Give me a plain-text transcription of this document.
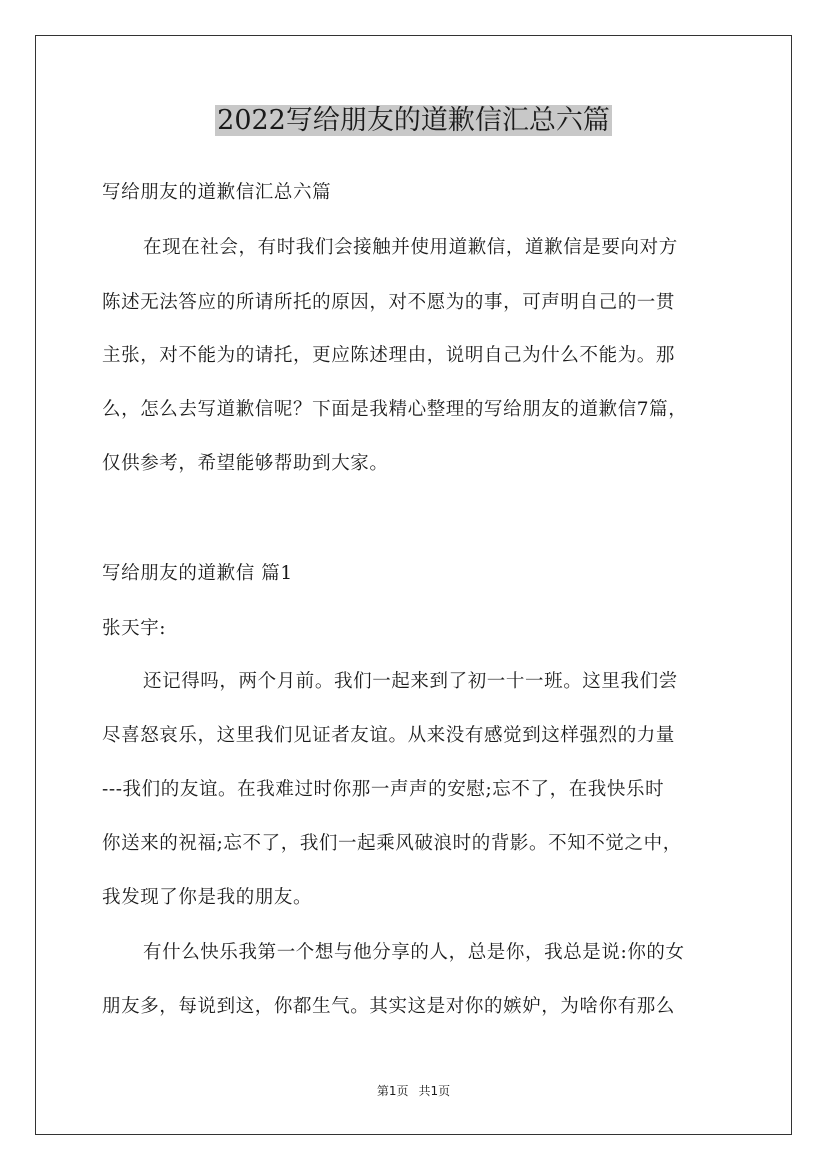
2022写给朋友的道歉信汇总六篇
写给朋友的道歉信汇总六篇
在现在社会，有时我们会接触并使用道歉信，道歉信是要向对方
陈述无法答应的所请所托的原因，对不愿为的事，可声明自己的一贯
主张，对不能为的请托，更应陈述理由，说明自己为什么不能为。那
么，怎么去写道歉信呢？下面是我精心整理的写给朋友的道歉信7篇，
仅供参考，希望能够帮助到大家。
写给朋友的道歉信 篇1
张天宇:
还记得吗，两个月前。我们一起来到了初一十一班。这里我们尝
尽喜怒哀乐，这里我们见证者友谊。从来没有感觉到这样强烈的力量
---我们的友谊。在我难过时你那一声声的安慰;忘不了，在我快乐时
你送来的祝福;忘不了，我们一起乘风破浪时的背影。不知不觉之中，
我发现了你是我的朋友。
有什么快乐我第一个想与他分享的人，总是你，我总是说:你的女
朋友多，每说到这，你都生气。其实这是对你的嫉妒，为啥你有那么
第1页 共1页
